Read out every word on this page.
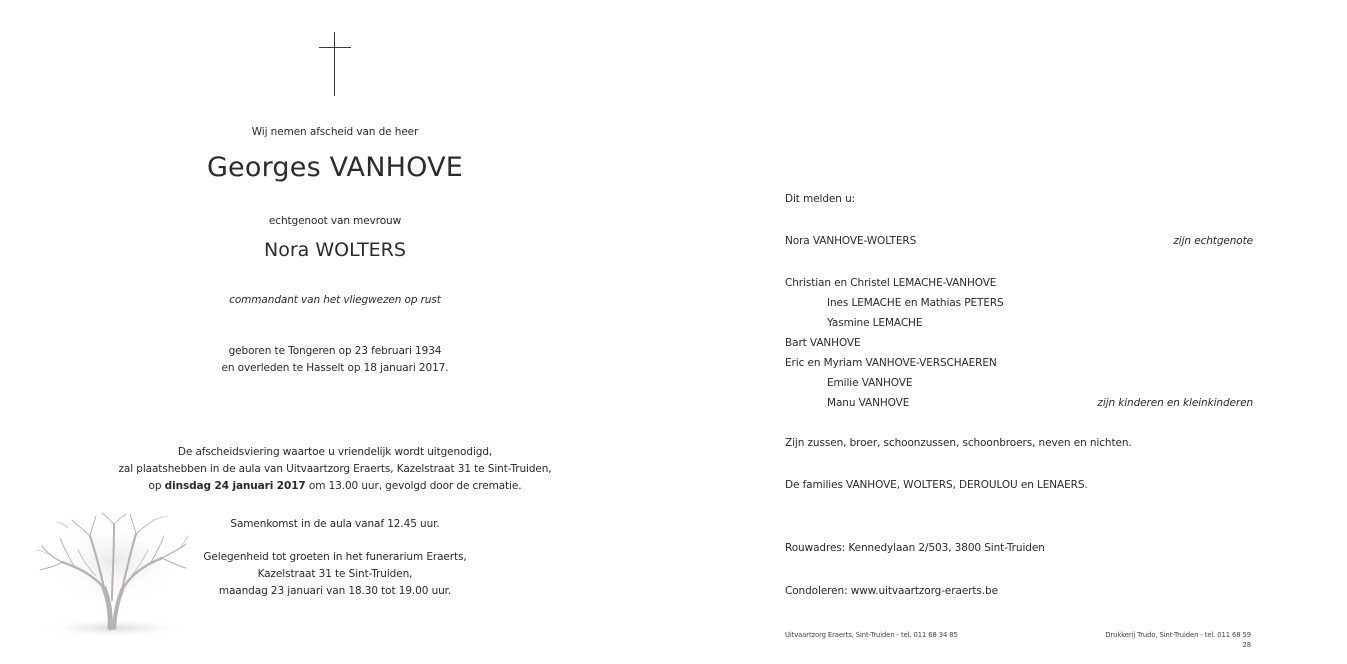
Wij nemen afscheid van de heer
Georges VANHOVE
echtgenoot van mevrouw
Nora WOLTERS
commandant van het vliegwezen op rust
geboren te Tongeren op 23 februari 1934
en overleden te Hasselt op 18 januari 2017.
De afscheidsviering waartoe u vriendelijk wordt uitgenodigd,
zal plaatshebben in de aula van Uitvaartzorg Eraerts, Kazelstraat 31 te Sint-Truiden,
op dinsdag 24 januari 2017 om 13.00 uur, gevolgd door de crematie.
Samenkomst in de aula vanaf 12.45 uur.
Gelegenheid tot groeten in het funerarium Eraerts,
Kazelstraat 31 te Sint-Truiden,
maandag 23 januari van 18.30 tot 19.00 uur.
Dit melden u:
Nora VANHOVE-WOLTERS	zijn echtgenote
Christian en Christel LEMACHE-VANHOVE
Ines LEMACHE en Mathias PETERS
Yasmine LEMACHE
Bart VANHOVE
Eric en Myriam VANHOVE-VERSCHAEREN
Emilie VANHOVE
Manu VANHOVE	zijn kinderen en kleinkinderen
Zijn zussen, broer, schoonzussen, schoonbroers, neven en nichten.
De families VANHOVE, WOLTERS, DEROULOU en LENAERS.
Rouwadres: Kennedylaan 2/503, 3800 Sint-Truiden
Condoleren: www.uitvaartzorg-eraerts.be
Uitvaartzorg Eraerts, Sint-Truiden - tel. 011 68 34 85	Drukkerij Trudo, Sint-Truiden - tel. 011 68 59 28
